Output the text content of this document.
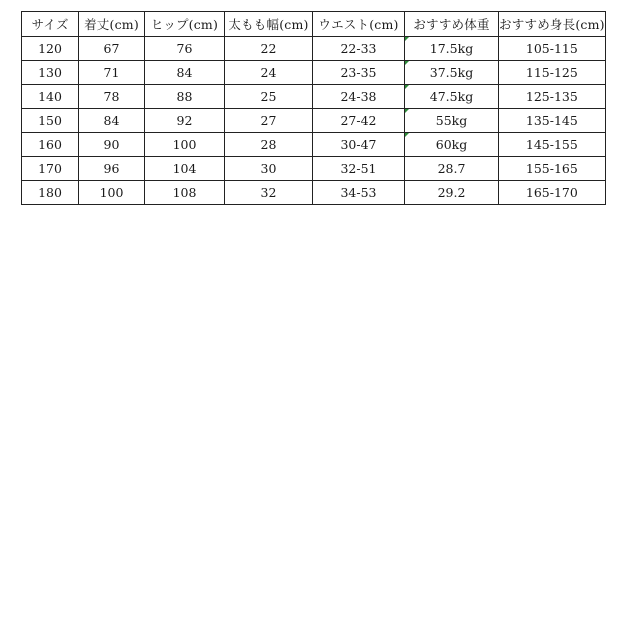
サイズ	着丈(cm)	ヒップ(cm)	太もも幅(cm)	ウエスト(cm)	おすすめ体重	おすすめ身長(cm)
120	67	76	22	22-33	17.5kg	105-115
130	71	84	24	23-35	37.5kg	115-125
140	78	88	25	24-38	47.5kg	125-135
150	84	92	27	27-42	55kg	135-145
160	90	100	28	30-47	60kg	145-155
170	96	104	30	32-51	28.7	155-165
180	100	108	32	34-53	29.2	165-170
